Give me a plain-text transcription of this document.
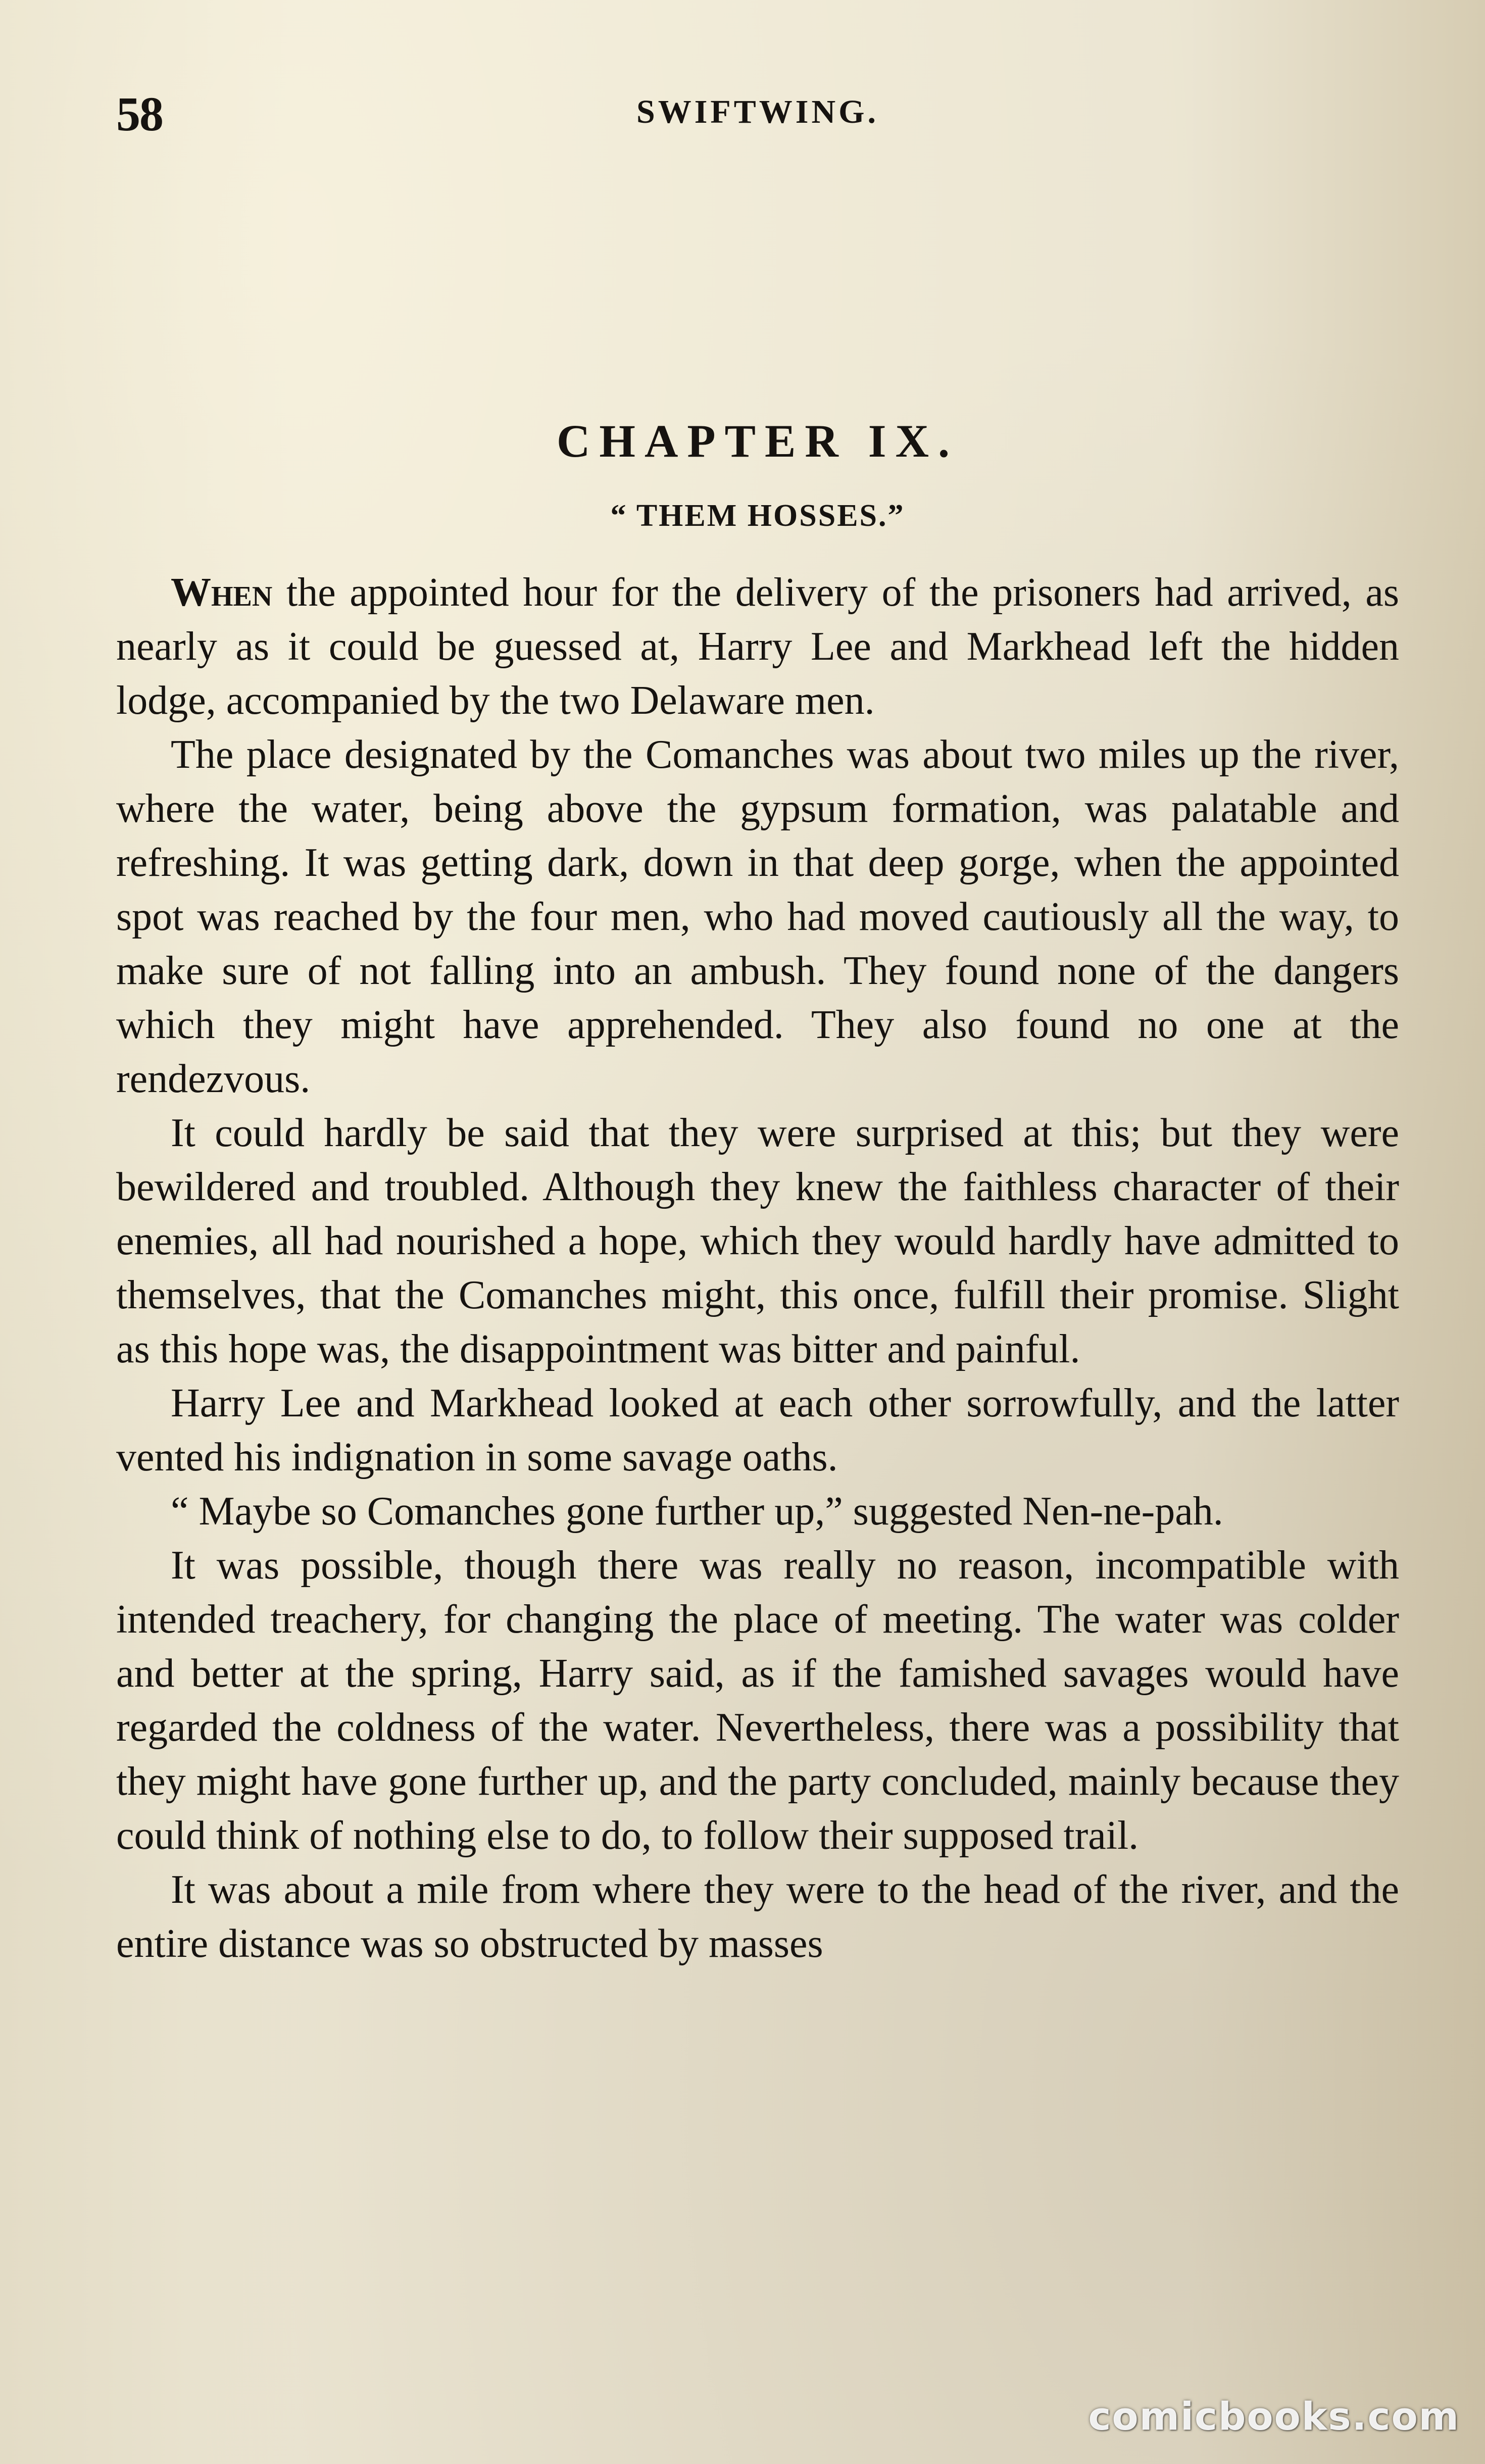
58	SWIFTWING.
CHAPTER IX.
“ THEM HOSSES.”

When the appointed hour for the delivery of the prisoners had arrived, as nearly as it could be guessed at, Harry Lee and Markhead left the hidden lodge, accompanied by the two Delaware men.

The place designated by the Comanches was about two miles up the river, where the water, being above the gypsum formation, was palatable and refreshing. It was getting dark, down in that deep gorge, when the appointed spot was reached by the four men, who had moved cautiously all the way, to make sure of not falling into an ambush. They found none of the dangers which they might have apprehended. They also found no one at the rendezvous.

It could hardly be said that they were surprised at this; but they were bewildered and troubled. Although they knew the faithless character of their enemies, all had nourished a hope, which they would hardly have admitted to themselves, that the Comanches might, this once, fulfill their promise. Slight as this hope was, the disappointment was bitter and painful.

Harry Lee and Markhead looked at each other sorrowfully, and the latter vented his indignation in some savage oaths.

“ Maybe so Comanches gone further up,” suggested Nen-ne-pah.

It was possible, though there was really no reason, incompatible with intended treachery, for changing the place of meeting. The water was colder and better at the spring, Harry said, as if the famished savages would have regarded the coldness of the water. Nevertheless, there was a possibility that they might have gone further up, and the party concluded, mainly because they could think of nothing else to do, to follow their supposed trail.

It was about a mile from where they were to the head of the river, and the entire distance was so obstructed by masses

comicbooks.com
